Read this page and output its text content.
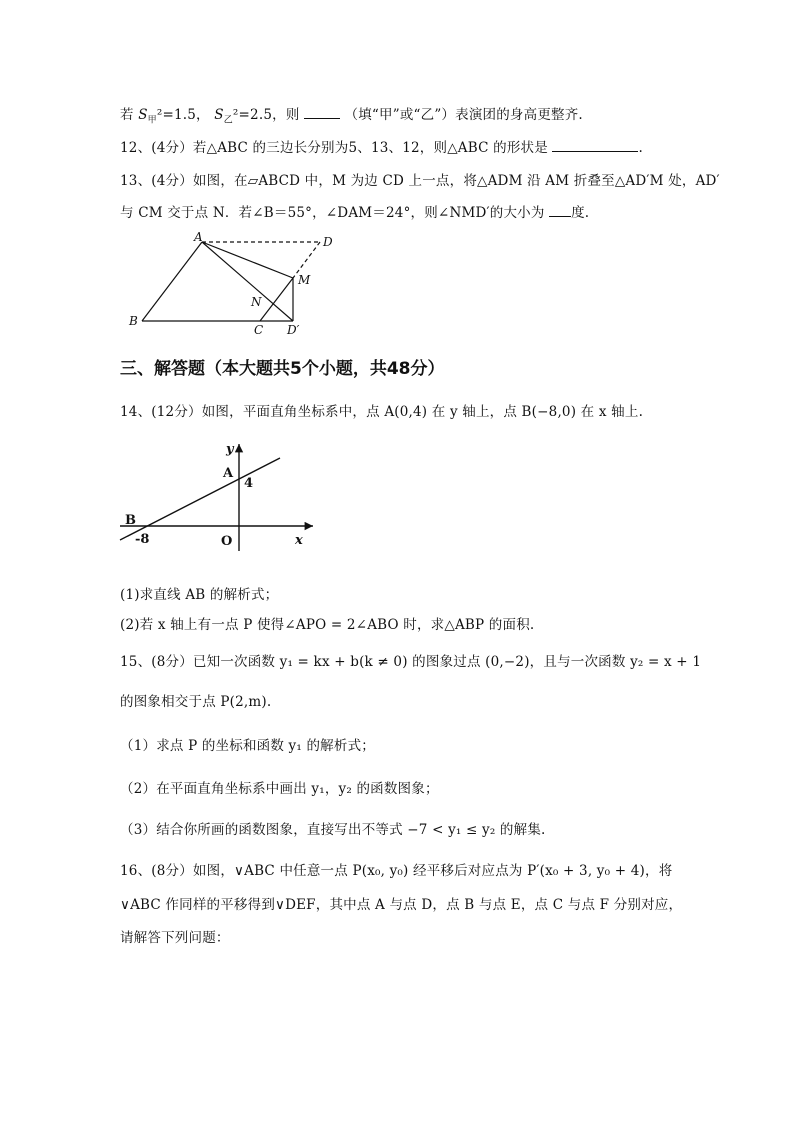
若 $S_甲^2=1.5$， $S_乙^2=2.5$，则	（填“甲”或“乙”）表演团的身高更整齐.
12、(4分）若△ABC 的三边长分别为5、13、12，则△ABC 的形状是	.
13、(4分）如图，在▱ABCD 中，M 为边 CD 上一点，将△ADM 沿 AM 折叠至△AD′M 处，AD′
与 CM 交于点 N．若∠B＝55°，∠DAM＝24°，则∠NMD′的大小为 度.
A	D
M
N
B
C D′
三、解答题（本大题共5个小题，共48分）
14、(12分）如图，平面直角坐标系中，点 A(0,4) 在 y 轴上，点 B(−8,0) 在 x 轴上.
y
x
A
4
B
-8	O
(1)求直线 AB 的解析式；
(2)若 x 轴上有一点 P 使得∠APO = 2∠ABO 时，求△ABP 的面积.
15、(8分）已知一次函数 y₁ = kx + b(k ≠ 0) 的图象过点 (0,−2)，且与一次函数 y₂ = x + 1
的图象相交于点 P(2,m).
（1）求点 P 的坐标和函数 y₁ 的解析式；
（2）在平面直角坐标系中画出 y₁，y₂ 的函数图象；
（3）结合你所画的函数图象，直接写出不等式 −7 < y₁ ≤ y₂ 的解集.
16、(8分）如图，∨ABC 中任意一点 P(x₀, y₀) 经平移后对应点为 P′(x₀ + 3, y₀ + 4)，将
∨ABC 作同样的平移得到∨DEF，其中点 A 与点 D，点 B 与点 E，点 C 与点 F 分别对应，
请解答下列问题：
